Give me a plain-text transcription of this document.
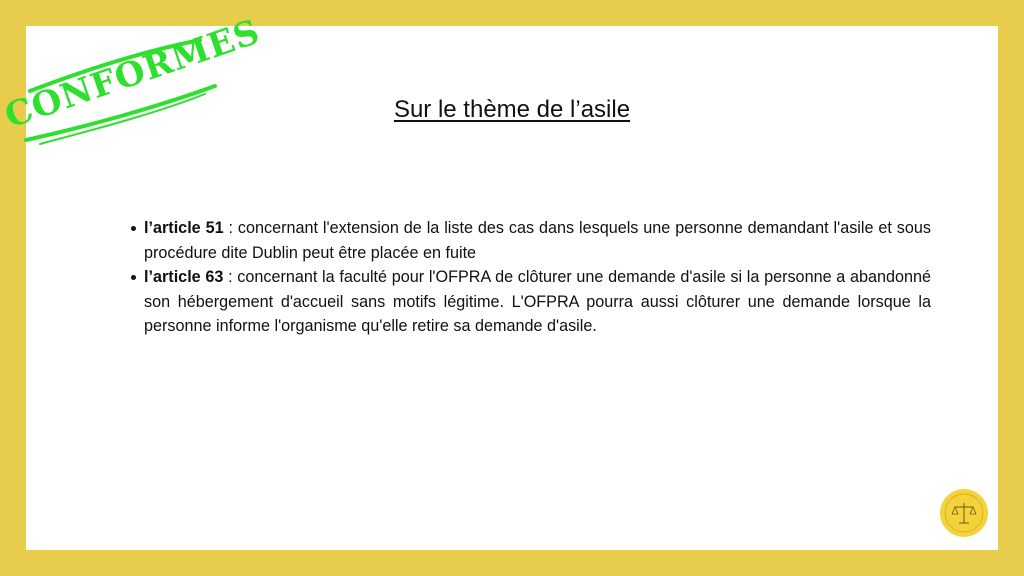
CONFORMES	Sur le thème de l’asile
l’article 51 : concernant l'extension de la liste des cas dans lesquels une personne demandant l'asile et sous procédure dite Dublin peut être placée en fuite
l’article 63 : concernant la faculté pour l'OFPRA de clôturer une demande d'asile si la personne a abandonné son hébergement d'accueil sans motifs légitime. L'OFPRA pourra aussi clôturer une demande lorsque la personne informe l'organisme qu'elle retire sa demande d'asile.
